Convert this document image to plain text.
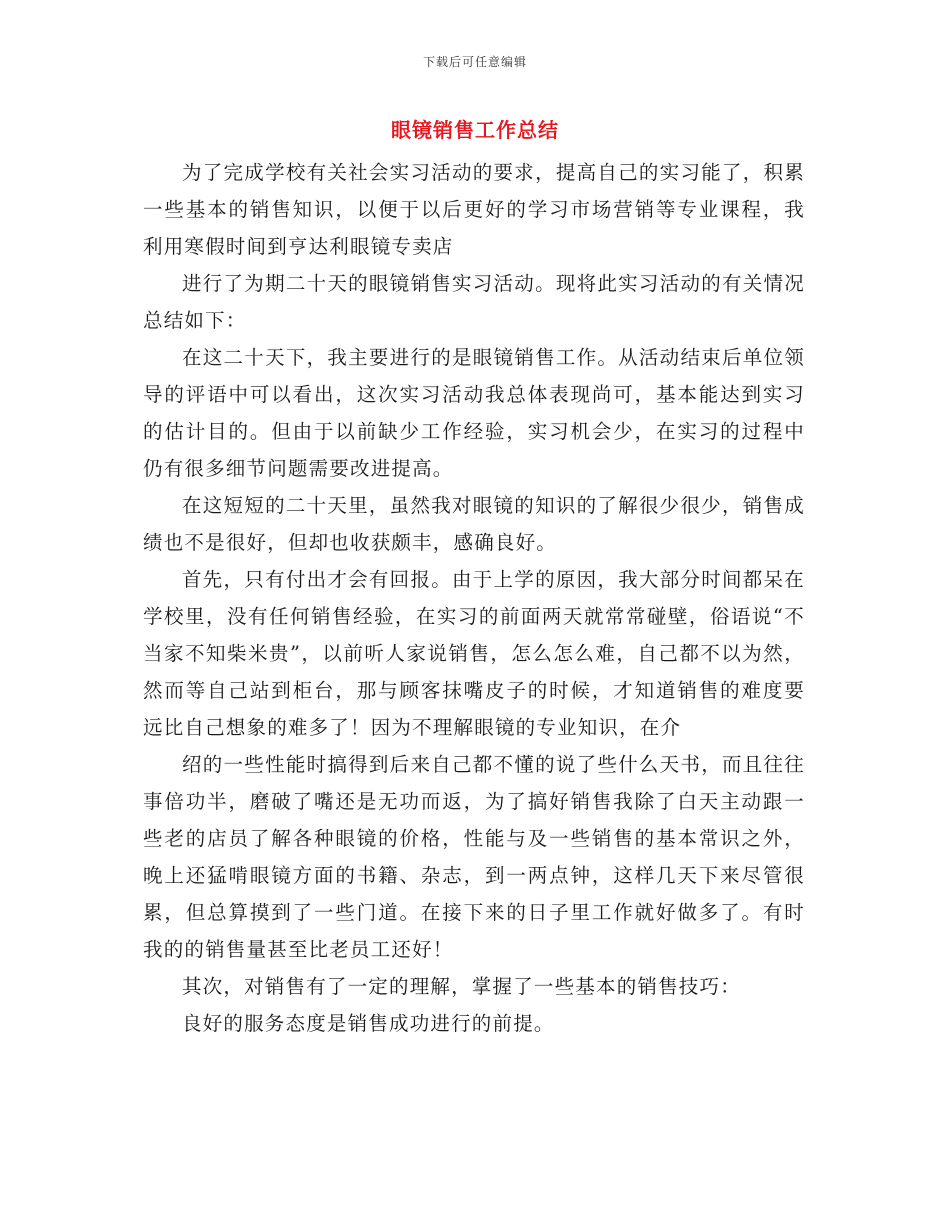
下载后可任意编辑
眼镜销售工作总结

为了完成学校有关社会实习活动的要求，提高自己的实习能了，积累一些基本的销售知识，以便于以后更好的学习市场营销等专业课程，我利用寒假时间到亨达利眼镜专卖店

进行了为期二十天的眼镜销售实习活动。现将此实习活动的有关情况总结如下：

在这二十天下，我主要进行的是眼镜销售工作。从活动结束后单位领导的评语中可以看出，这次实习活动我总体表现尚可，基本能达到实习的估计目的。但由于以前缺少工作经验，实习机会少，在实习的过程中仍有很多细节问题需要改进提高。

在这短短的二十天里，虽然我对眼镜的知识的了解很少很少，销售成绩也不是很好，但却也收获颇丰，感确良好。

首先，只有付出才会有回报。由于上学的原因，我大部分时间都呆在学校里，没有任何销售经验，在实习的前面两天就常常碰壁，俗语说“不当家不知柴米贵”，以前听人家说销售，怎么怎么难，自己都不以为然，然而等自己站到柜台，那与顾客抹嘴皮子的时候，才知道销售的难度要远比自己想象的难多了！因为不理解眼镜的专业知识，在介

绍的一些性能时搞得到后来自己都不懂的说了些什么天书，而且往往事倍功半，磨破了嘴还是无功而返，为了搞好销售我除了白天主动跟一些老的店员了解各种眼镜的价格，性能与及一些销售的基本常识之外，晚上还猛啃眼镜方面的书籍、杂志，到一两点钟，这样几天下来尽管很累，但总算摸到了一些门道。在接下来的日子里工作就好做多了。有时我的的销售量甚至比老员工还好！

其次，对销售有了一定的理解，掌握了一些基本的销售技巧：

良好的服务态度是销售成功进行的前提。
